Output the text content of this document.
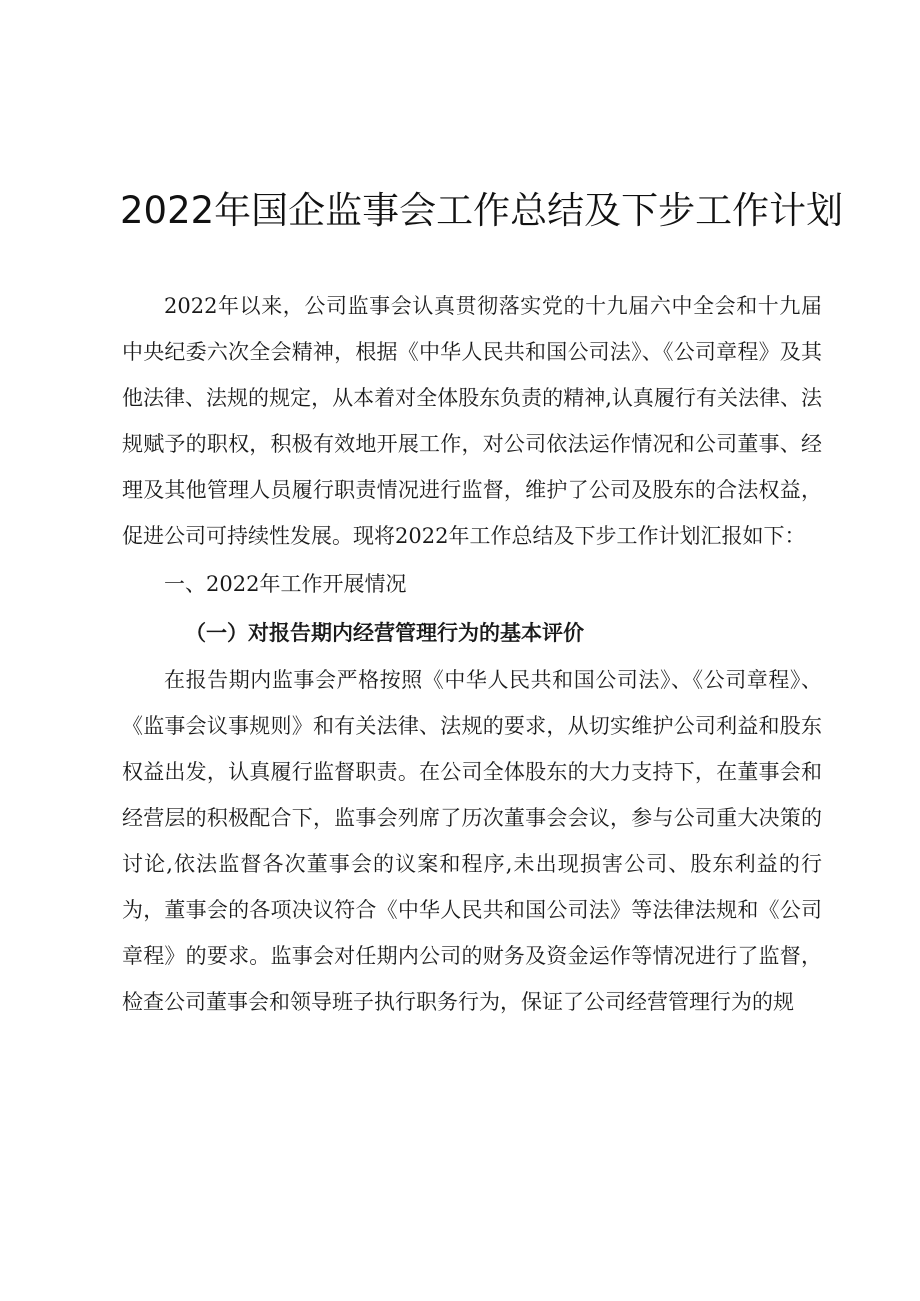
2022年国企监事会工作总结及下步工作计划

2022年以来，公司监事会认真贯彻落实党的十九届六中全会和十九届中央纪委六次全会精神，根据《中华人民共和国公司法》、《公司章程》及其他法律、法规的规定，从本着对全体股东负责的精神,认真履行有关法律、法规赋予的职权，积极有效地开展工作，对公司依法运作情况和公司董事、经理及其他管理人员履行职责情况进行监督，维护了公司及股东的合法权益，促进公司可持续性发展。现将2022年工作总结及下步工作计划汇报如下：

一、2022年工作开展情况

（一）对报告期内经营管理行为的基本评价

在报告期内监事会严格按照《中华人民共和国公司法》、《公司章程》、《监事会议事规则》和有关法律、法规的要求，从切实维护公司利益和股东权益出发，认真履行监督职责。在公司全体股东的大力支持下，在董事会和经营层的积极配合下，监事会列席了历次董事会会议，参与公司重大决策的讨论,依法监督各次董事会的议案和程序,未出现损害公司、股东利益的行为，董事会的各项决议符合《中华人民共和国公司法》等法律法规和《公司章程》的要求。监事会对任期内公司的财务及资金运作等情况进行了监督，检查公司董事会和领导班子执行职务行为，保证了公司经营管理行为的规
